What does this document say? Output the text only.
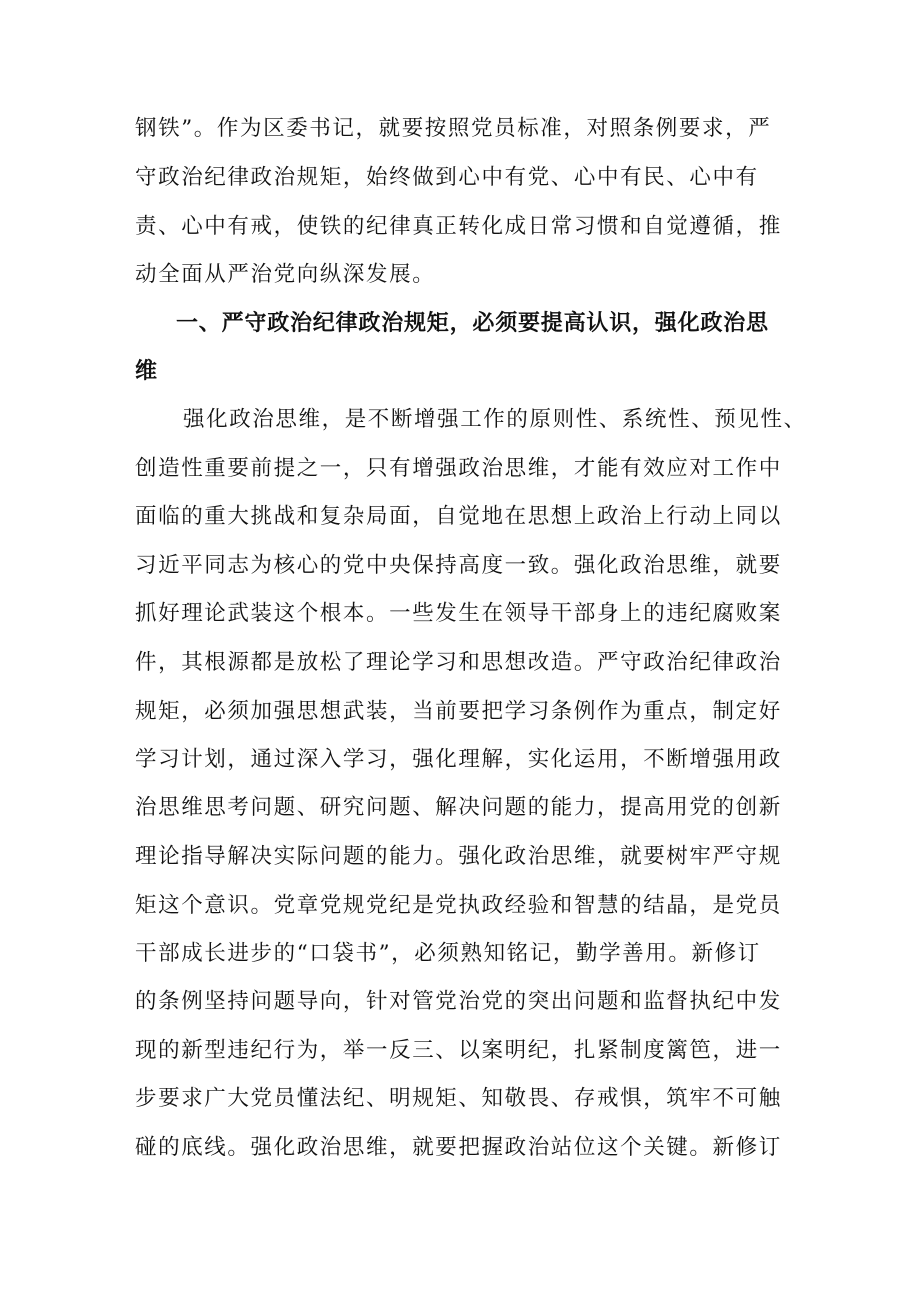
钢铁”。作为区委书记，就要按照党员标准，对照条例要求，严
守政治纪律政治规矩，始终做到心中有党、心中有民、心中有
责、心中有戒，使铁的纪律真正转化成日常习惯和自觉遵循，推
动全面从严治党向纵深发展。
一、严守政治纪律政治规矩，必须要提高认识，强化政治思
维
强化政治思维，是不断增强工作的原则性、系统性、预见性、
创造性重要前提之一，只有增强政治思维，才能有效应对工作中
面临的重大挑战和复杂局面，自觉地在思想上政治上行动上同以
习近平同志为核心的党中央保持高度一致。强化政治思维，就要
抓好理论武装这个根本。一些发生在领导干部身上的违纪腐败案
件，其根源都是放松了理论学习和思想改造。严守政治纪律政治
规矩，必须加强思想武装，当前要把学习条例作为重点，制定好
学习计划，通过深入学习，强化理解，实化运用，不断增强用政
治思维思考问题、研究问题、解决问题的能力，提高用党的创新
理论指导解决实际问题的能力。强化政治思维，就要树牢严守规
矩这个意识。党章党规党纪是党执政经验和智慧的结晶，是党员
干部成长进步的“口袋书”，必须熟知铭记，勤学善用。新修订
的条例坚持问题导向，针对管党治党的突出问题和监督执纪中发
现的新型违纪行为，举一反三、以案明纪，扎紧制度篱笆，进一
步要求广大党员懂法纪、明规矩、知敬畏、存戒惧，筑牢不可触
碰的底线。强化政治思维，就要把握政治站位这个关键。新修订
